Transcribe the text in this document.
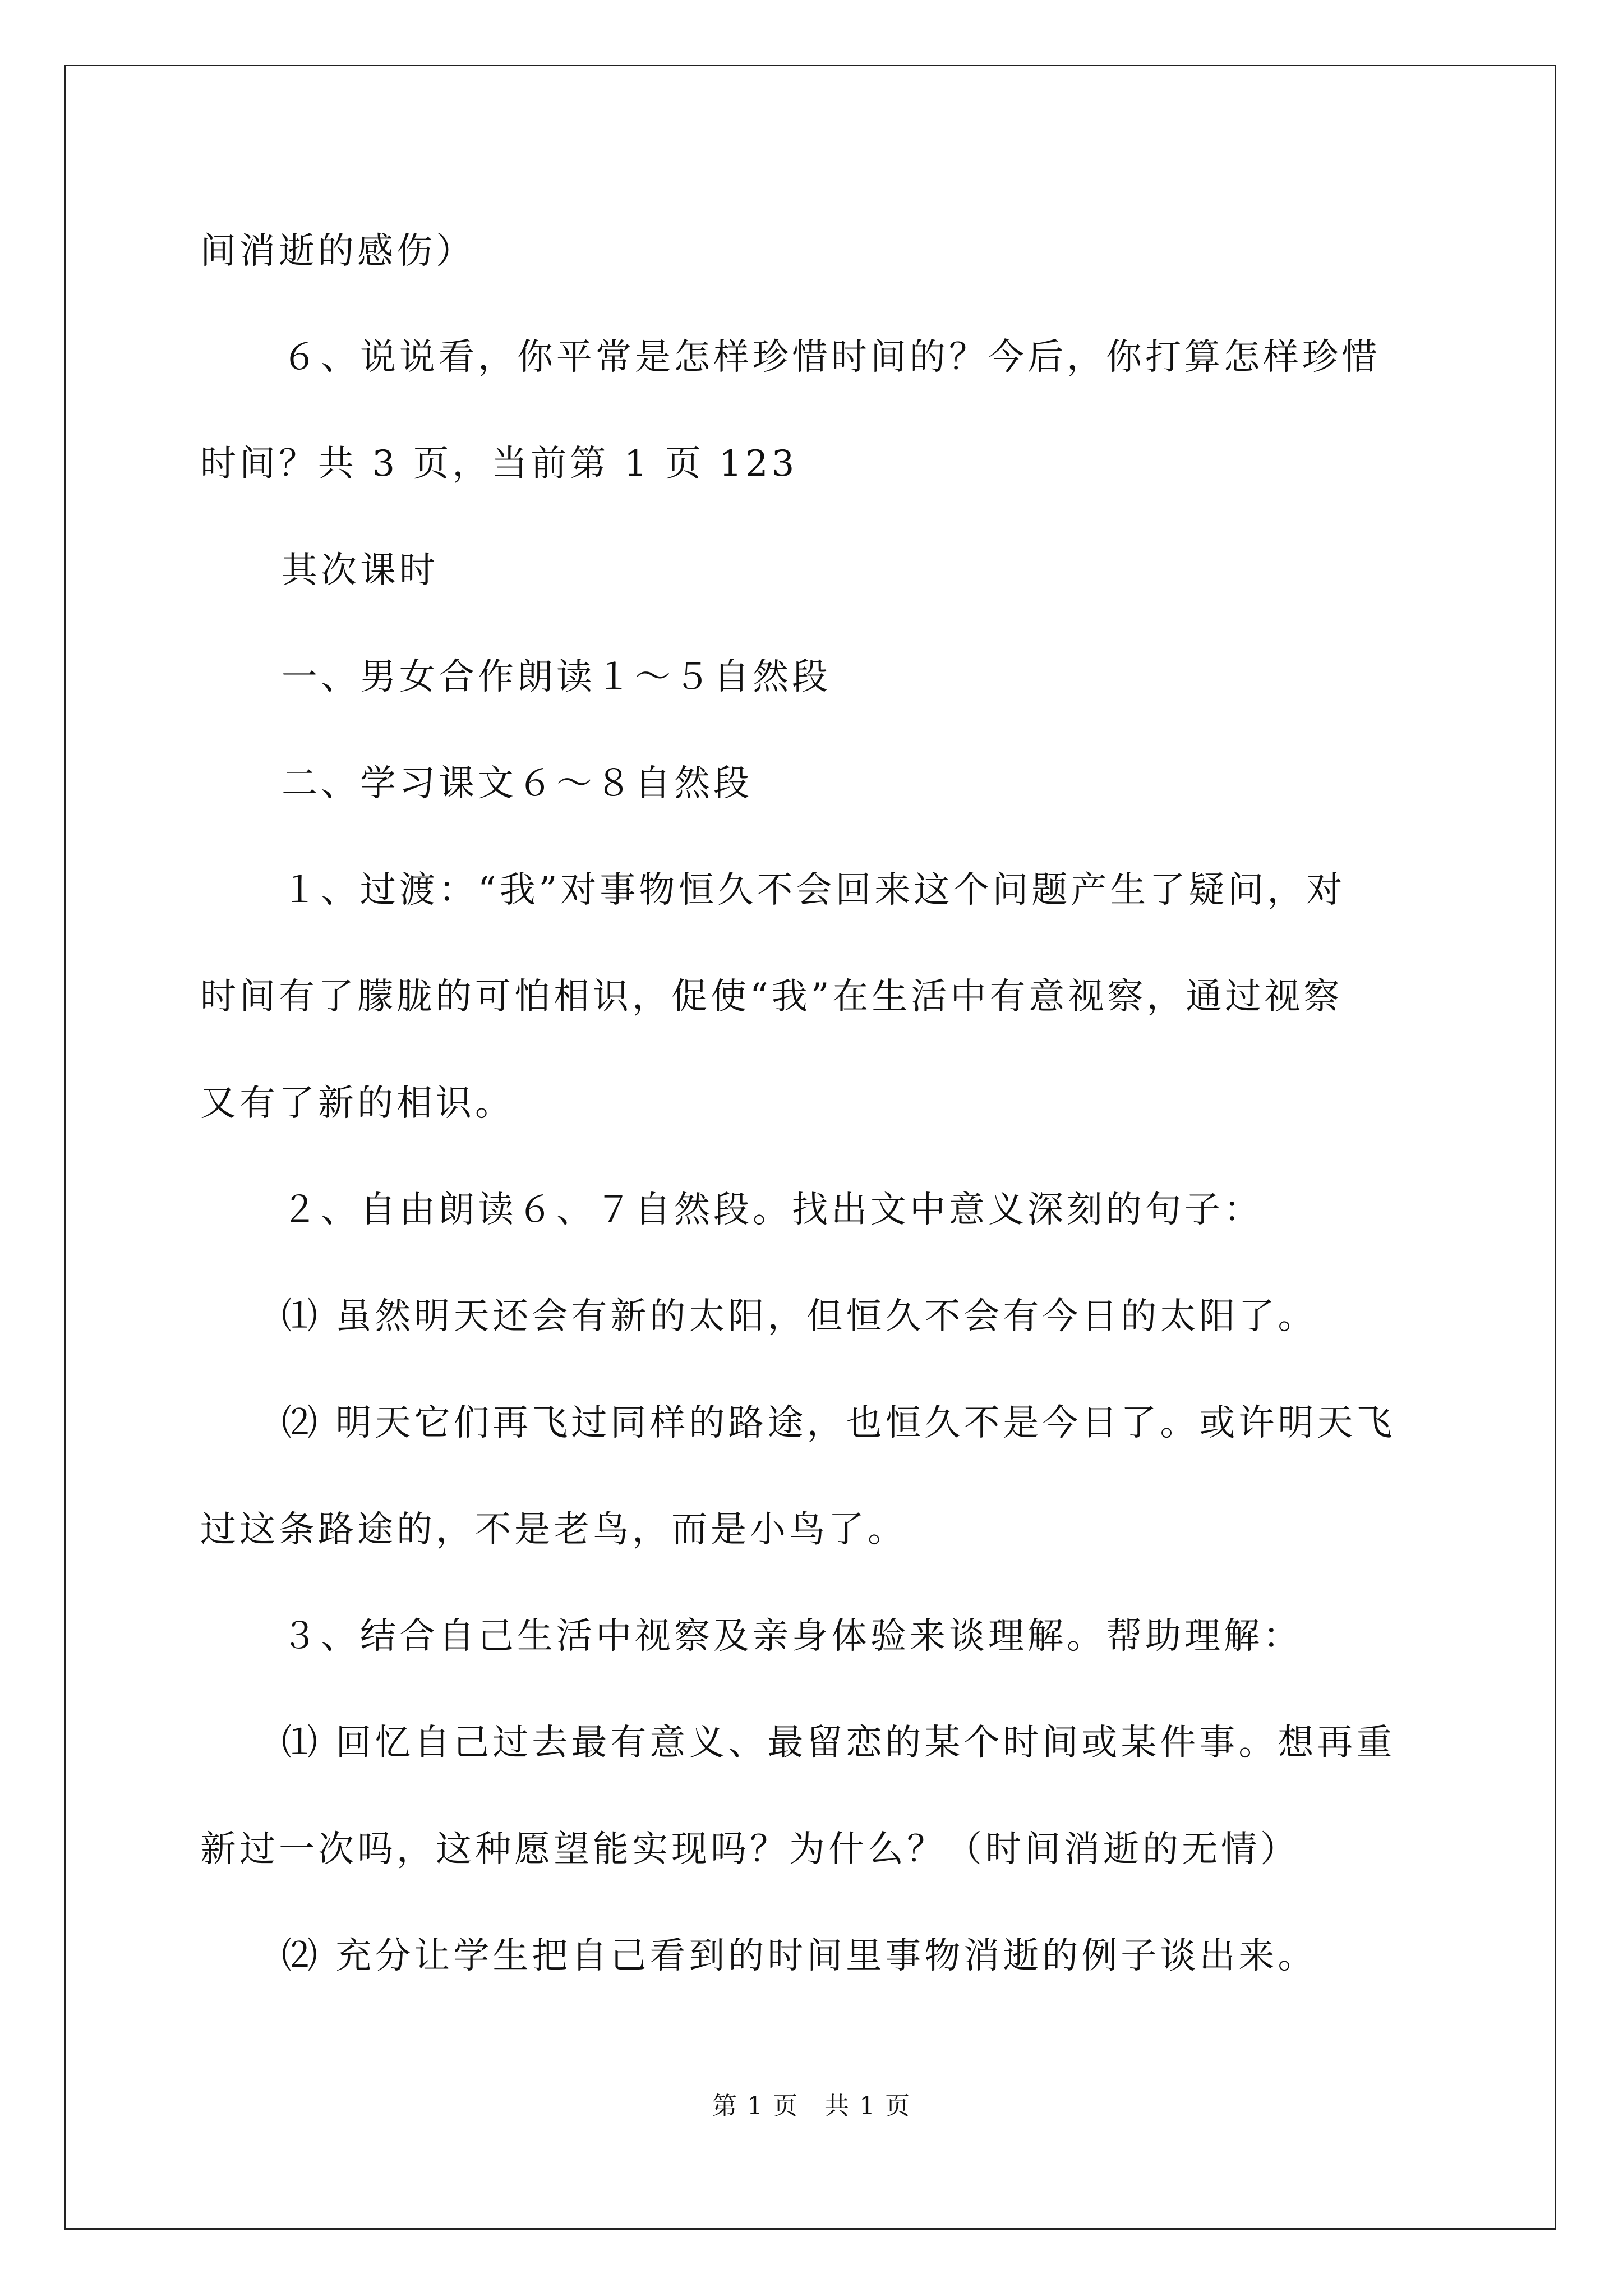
间消逝的感伤）
６、说说看，你平常是怎样珍惜时间的？今后，你打算怎样珍惜
时间？共 3 页，当前第 1 页 123
其次课时
一、男女合作朗读１～５自然段
二、学习课文６～８自然段
１、过渡：“我”对事物恒久不会回来这个问题产生了疑问，对
时间有了朦胧的可怕相识，促使“我”在生活中有意视察，通过视察
又有了新的相识。
２、自由朗读６、７自然段。找出文中意义深刻的句子：
⑴ 虽然明天还会有新的太阳，但恒久不会有今日的太阳了。
⑵ 明天它们再飞过同样的路途，也恒久不是今日了。或许明天飞
过这条路途的，不是老鸟，而是小鸟了。
３、结合自己生活中视察及亲身体验来谈理解。帮助理解：
⑴ 回忆自己过去最有意义、最留恋的某个时间或某件事。想再重
新过一次吗，这种愿望能实现吗？为什么？（时间消逝的无情）
⑵ 充分让学生把自己看到的时间里事物消逝的例子谈出来。
第 1 页　共 1 页
